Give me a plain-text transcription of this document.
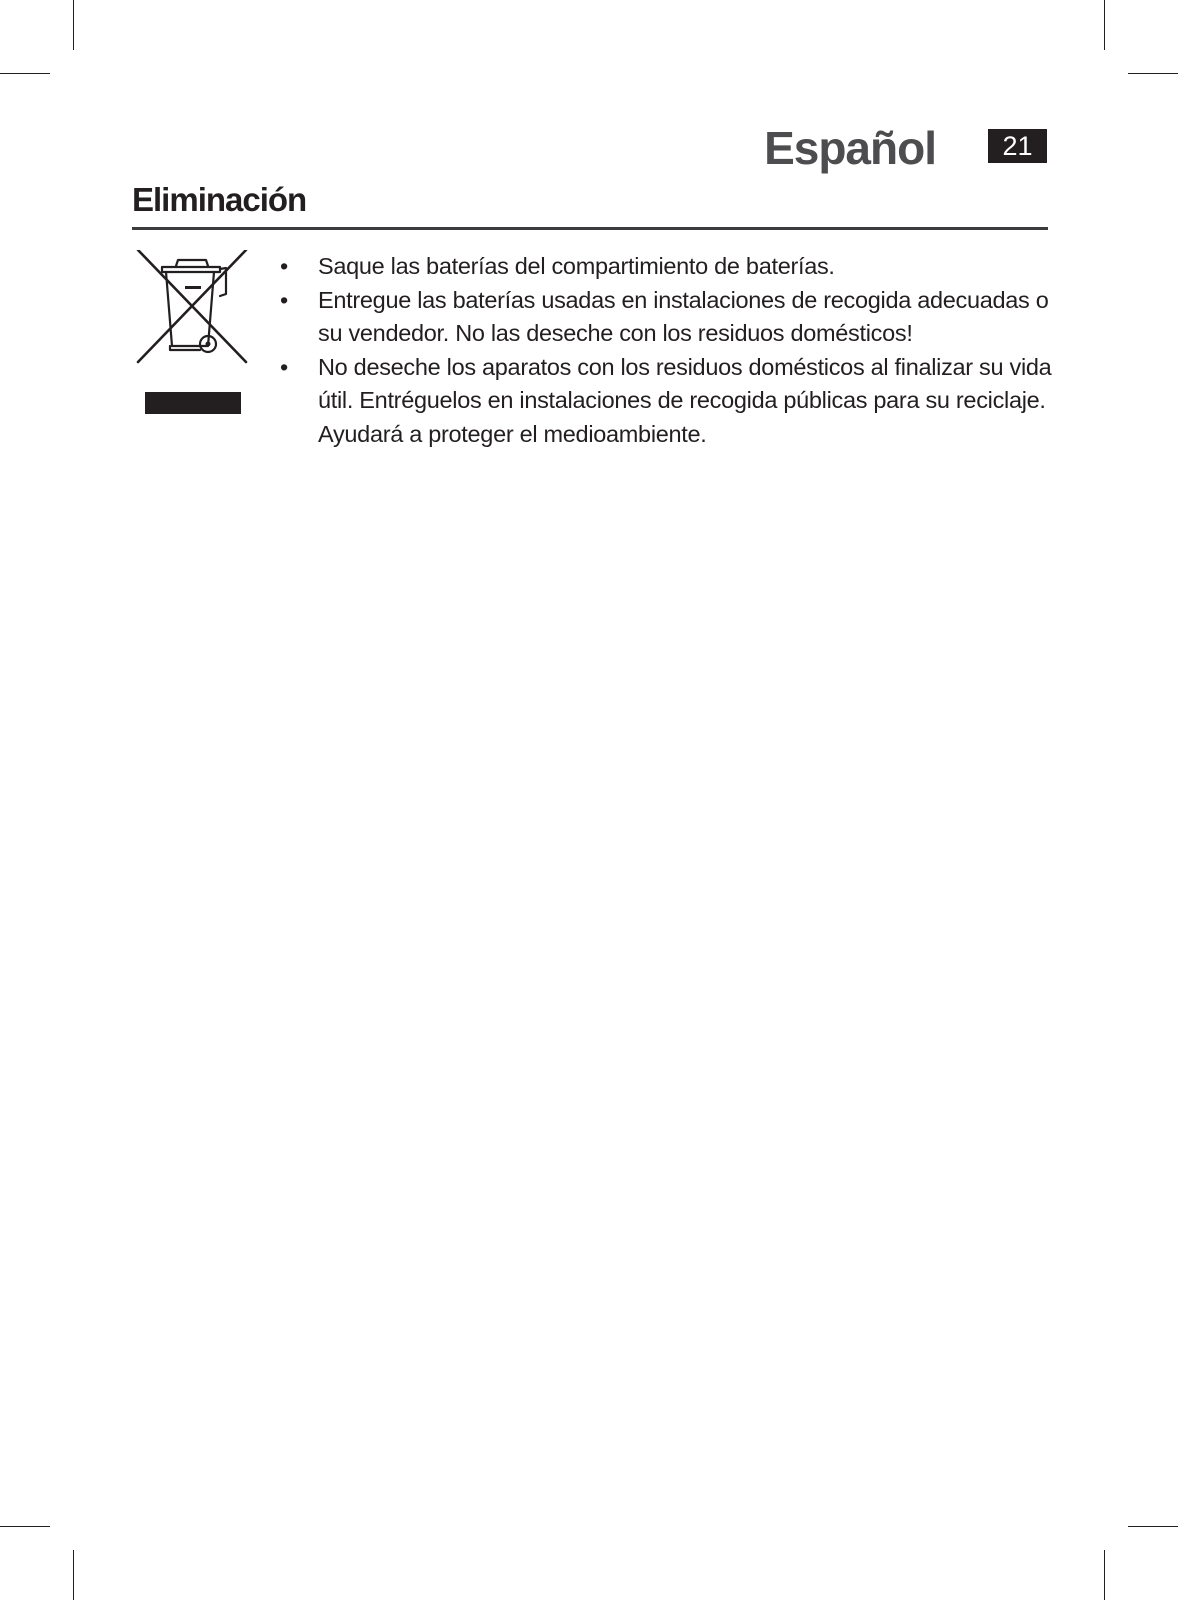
Español	21
Eliminación
• Saque las baterías del compartimiento de baterías.
• Entregue las baterías usadas en instalaciones de recogida adecuadas o su vendedor. No las deseche con los residuos domésticos!
• No deseche los aparatos con los residuos domésticos al finalizar su vida útil. Entréguelos en instalaciones de recogida públicas para su reciclaje. Ayudará a proteger el medioambiente.
